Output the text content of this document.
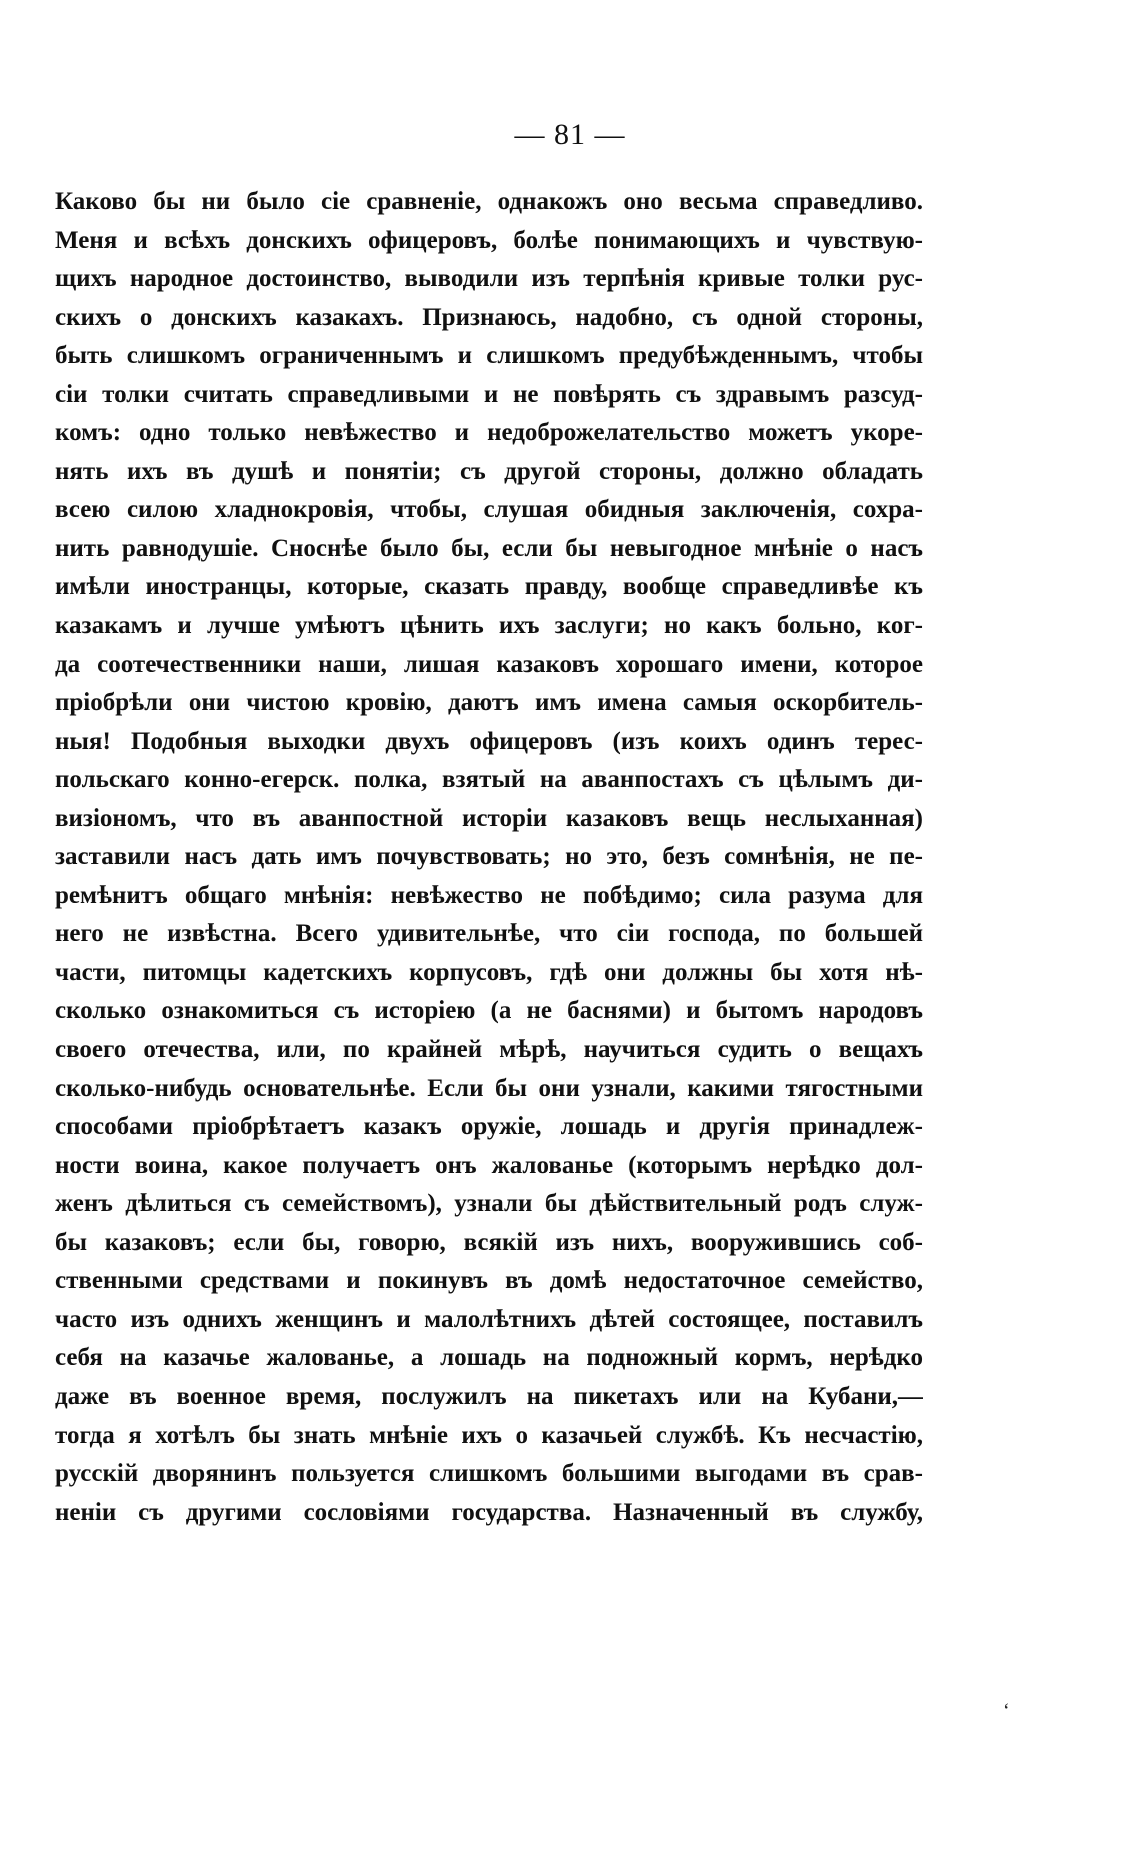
— 81 —
Каково бы ни было сіе сравненіе, однакожъ оно весьма справедливо.
Меня и всѣхъ донскихъ офицеровъ, болѣе понимающихъ и чувствую-
щихъ народное достоинство, выводили изъ терпѣнія кривые толки рус-
скихъ о донскихъ казакахъ. Признаюсь, надобно, съ одной стороны,
быть слишкомъ ограниченнымъ и слишкомъ предубѣжденнымъ, чтобы
сіи толки считать справедливыми и не повѣрять съ здравымъ разсуд-
комъ: одно только невѣжество и недоброжелательство можетъ укоре-
нять ихъ въ душѣ и понятіи; съ другой стороны, должно обладать
всею силою хладнокровія, чтобы, слушая обидныя заключенія, сохра-
нить равнодушіе. Сноснѣе было бы, если бы невыгодное мнѣніе о насъ
имѣли иностранцы, которые, сказать правду, вообще справедливѣе къ
казакамъ и лучше умѣютъ цѣнить ихъ заслуги; но какъ больно, ког-
да соотечественники наши, лишая казаковъ хорошаго имени, которое
пріобрѣли они чистою кровію, даютъ имъ имена самыя оскорбитель-
ныя! Подобныя выходки двухъ офицеровъ (изъ коихъ одинъ терес-
польскаго конно-егерск. полка, взятый на аванпостахъ съ цѣлымъ ди-
визіономъ, что въ аванпостной исторіи казаковъ вещь неслыханная)
заставили насъ дать имъ почувствовать; но это, безъ сомнѣнія, не пе-
ремѣнитъ общаго мнѣнія: невѣжество не побѣдимо; сила разума для
него не извѣстна. Всего удивительнѣе, что сіи господа, по большей
части, питомцы кадетскихъ корпусовъ, гдѣ они должны бы хотя нѣ-
сколько ознакомиться съ исторіею (а не баснями) и бытомъ народовъ
своего отечества, или, по крайней мѣрѣ, научиться судить о вещахъ
сколько-нибудь основательнѣе. Если бы они узнали, какими тягостными
способами пріобрѣтаетъ казакъ оружіе, лошадь и другія принадлеж-
ности воина, какое получаетъ онъ жалованье (которымъ нерѣдко дол-
женъ дѣлиться съ семействомъ), узнали бы дѣйствительный родъ служ-
бы казаковъ; если бы, говорю, всякій изъ нихъ, вооружившись соб-
ственными средствами и покинувъ въ домѣ недостаточное семейство,
часто изъ однихъ женщинъ и малолѣтнихъ дѣтей состоящее, поставилъ
себя на казачье жалованье, а лошадь на подножный кормъ, нерѣдко
даже въ военное время, послужилъ на пикетахъ или на Кубани,—
тогда я хотѣлъ бы знать мнѣніе ихъ о казачьей службѣ. Къ несчастію,
русскій дворянинъ пользуется слишкомъ большими выгодами въ срав-
неніи съ другими сословіями государства. Назначенный въ службу,
‘
